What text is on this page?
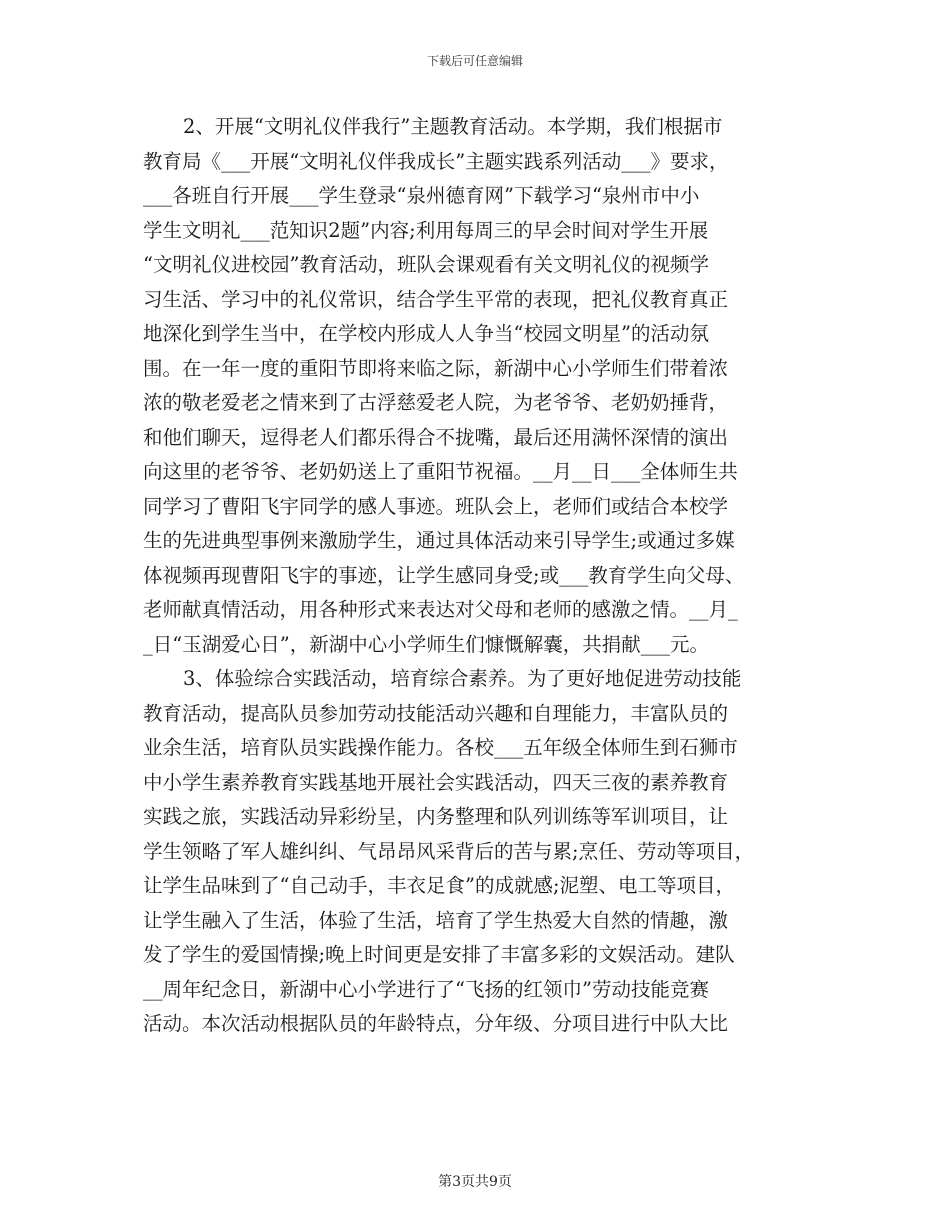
下载后可任意编辑
2、开展“文明礼仪伴我行”主题教育活动。本学期，我们根据市
教育局《___开展“文明礼仪伴我成长”主题实践系列活动___》要求，
___各班自行开展___学生登录“泉州德育网”下载学习“泉州市中小
学生文明礼___范知识2题”内容;利用每周三的早会时间对学生开展
“文明礼仪进校园”教育活动，班队会课观看有关文明礼仪的视频学
习生活、学习中的礼仪常识，结合学生平常的表现，把礼仪教育真正
地深化到学生当中，在学校内形成人人争当“校园文明星”的活动氛
围。在一年一度的重阳节即将来临之际，新湖中心小学师生们带着浓
浓的敬老爱老之情来到了古浮慈爱老人院，为老爷爷、老奶奶捶背，
和他们聊天，逗得老人们都乐得合不拢嘴，最后还用满怀深情的演出
向这里的老爷爷、老奶奶送上了重阳节祝福。__月__日___全体师生共
同学习了曹阳飞宇同学的感人事迹。班队会上，老师们或结合本校学
生的先进典型事例来激励学生，通过具体活动来引导学生;或通过多媒
体视频再现曹阳飞宇的事迹，让学生感同身受;或___教育学生向父母、
老师献真情活动，用各种形式来表达对父母和老师的感激之情。__月_
_日“玉湖爱心日”，新湖中心小学师生们慷慨解囊，共捐献___元。
3、体验综合实践活动，培育综合素养。为了更好地促进劳动技能
教育活动，提高队员参加劳动技能活动兴趣和自理能力，丰富队员的
业余生活，培育队员实践操作能力。各校___五年级全体师生到石狮市
中小学生素养教育实践基地开展社会实践活动，四天三夜的素养教育
实践之旅，实践活动异彩纷呈，内务整理和队列训练等军训项目，让
学生领略了军人雄纠纠、气昂昂风采背后的苦与累;烹任、劳动等项目，
让学生品味到了“自己动手，丰衣足食”的成就感;泥塑、电工等项目，
让学生融入了生活，体验了生活，培育了学生热爱大自然的情趣，激
发了学生的爱国情操;晚上时间更是安排了丰富多彩的文娱活动。建队
__周年纪念日，新湖中心小学进行了“飞扬的红领巾”劳动技能竞赛
活动。本次活动根据队员的年龄特点，分年级、分项目进行中队大比
第3页共9页
